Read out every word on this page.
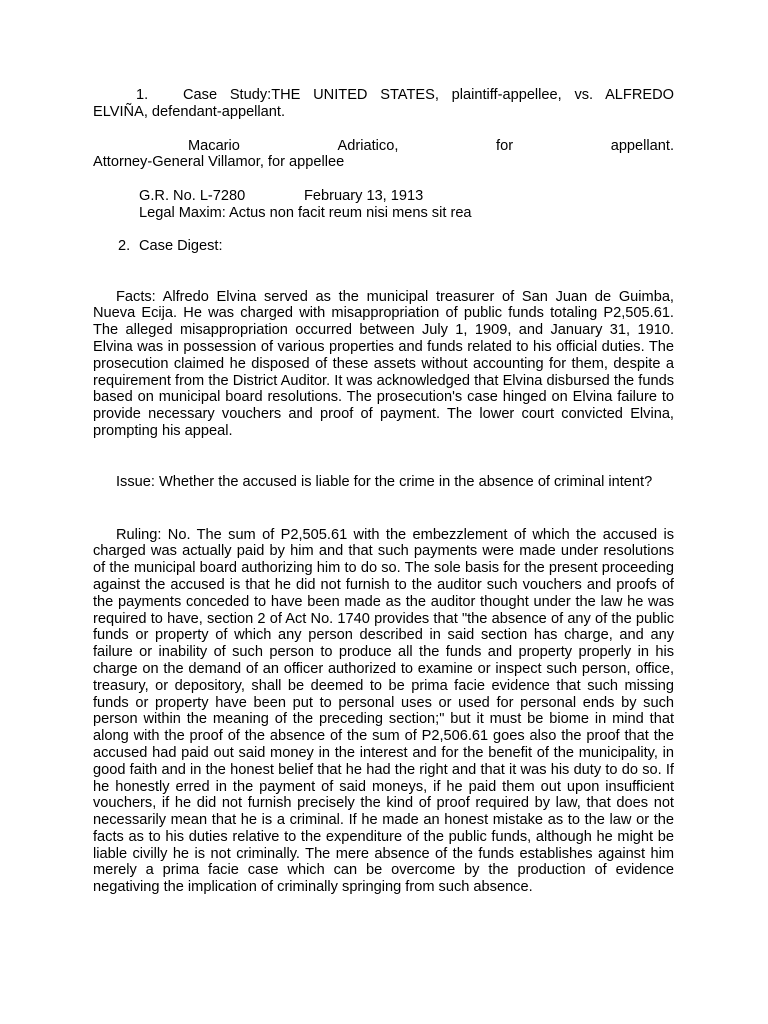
1. Case Study:THE UNITED STATES, plaintiff-appellee, vs. ALFREDO ELVIÑA, defendant-appellant.

Macario	Adriatico,	for	appellant.

Attorney-General Villamor, for appellee

G.R. No. L-7280	February 13, 1913

Legal Maxim: Actus non facit reum nisi mens sit rea

2. Case Digest:

Facts: Alfredo Elvina served as the municipal treasurer of San Juan de Guimba, Nueva Ecija. He was charged with misappropriation of public funds totaling P2,505.61. The alleged misappropriation occurred between July 1, 1909, and January 31, 1910. Elvina was in possession of various properties and funds related to his official duties. The prosecution claimed he disposed of these assets without accounting for them, despite a requirement from the District Auditor. It was acknowledged that Elvina disbursed the funds based on municipal board resolutions. The prosecution's case hinged on Elvina failure to provide necessary vouchers and proof of payment. The lower court convicted Elvina, prompting his appeal.

Issue: Whether the accused is liable for the crime in the absence of criminal intent?

Ruling: No. The sum of P2,505.61 with the embezzlement of which the accused is charged was actually paid by him and that such payments were made under resolutions of the municipal board authorizing him to do so. The sole basis for the present proceeding against the accused is that he did not furnish to the auditor such vouchers and proofs of the payments conceded to have been made as the auditor thought under the law he was required to have, section 2 of Act No. 1740 provides that "the absence of any of the public funds or property of which any person described in said section has charge, and any failure or inability of such person to produce all the funds and property properly in his charge on the demand of an officer authorized to examine or inspect such person, office, treasury, or depository, shall be deemed to be prima facie evidence that such missing funds or property have been put to personal uses or used for personal ends by such person within the meaning of the preceding section;" but it must be biome in mind that along with the proof of the absence of the sum of P2,506.61 goes also the proof that the accused had paid out said money in the interest and for the benefit of the municipality, in good faith and in the honest belief that he had the right and that it was his duty to do so. If he honestly erred in the payment of said moneys, if he paid them out upon insufficient vouchers, if he did not furnish precisely the kind of proof required by law, that does not necessarily mean that he is a criminal. If he made an honest mistake as to the law or the facts as to his duties relative to the expenditure of the public funds, although he might be liable civilly he is not criminally. The mere absence of the funds establishes against him merely a prima facie case which can be overcome by the production of evidence negativing the implication of criminally springing from such absence.
